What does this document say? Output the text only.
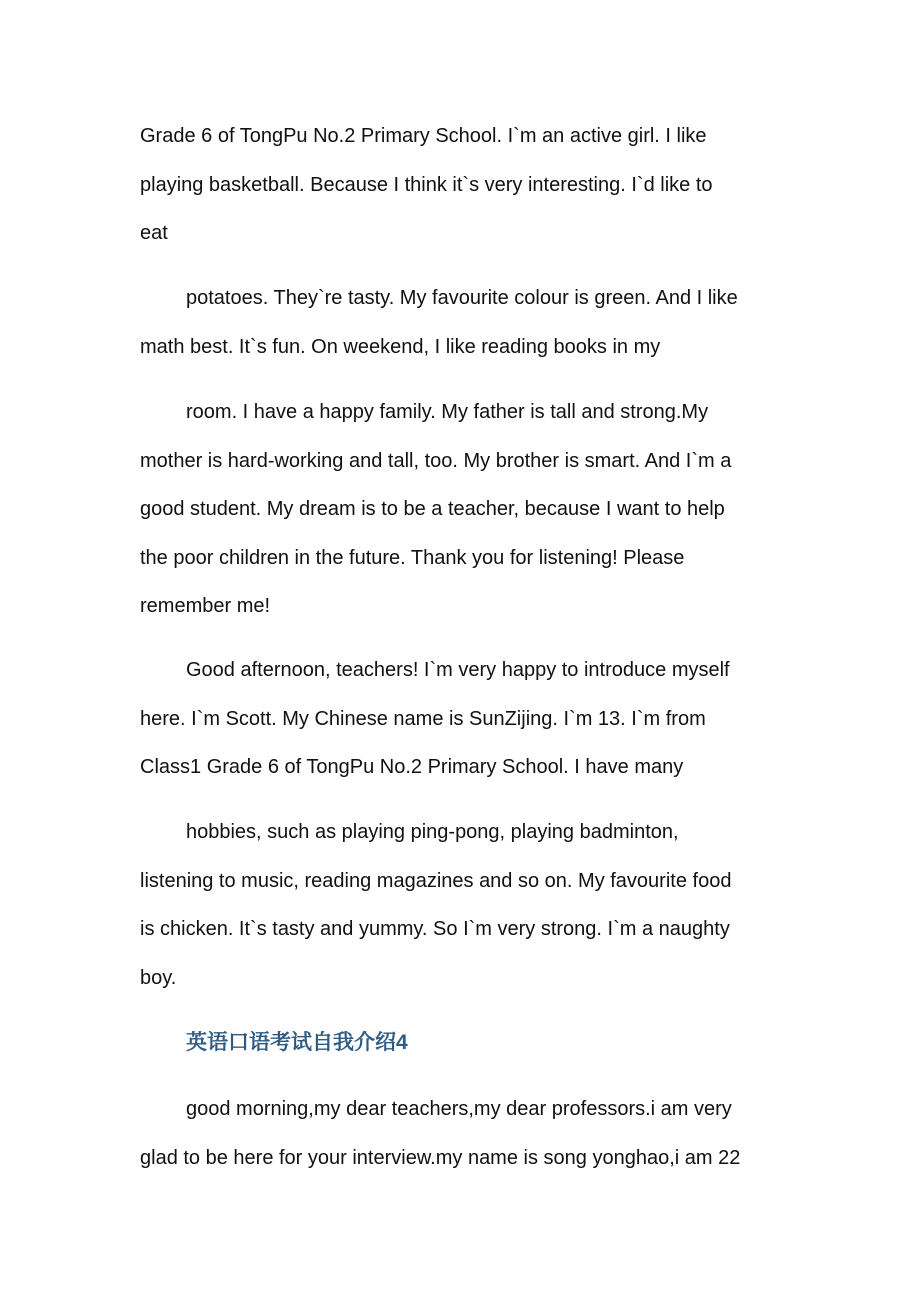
Grade 6 of TongPu No.2 Primary School. I`m an active girl. I like
playing basketball. Because I think it`s very interesting. I`d like to
eat

potatoes. They`re tasty. My favourite colour is green. And I like
math best. It`s fun. On weekend, I like reading books in my

room. I have a happy family. My father is tall and strong.My
mother is hard-working and tall, too. My brother is smart. And I`m a
good student. My dream is to be a teacher, because I want to help
the poor children in the future. Thank you for listening! Please
remember me!

Good afternoon, teachers! I`m very happy to introduce myself
here. I`m Scott. My Chinese name is SunZijing. I`m 13. I`m from
Class1 Grade 6 of TongPu No.2 Primary School. I have many

hobbies, such as playing ping-pong, playing badminton,
listening to music, reading magazines and so on. My favourite food
is chicken. It`s tasty and yummy. So I`m very strong. I`m a naughty
boy.

英语口语考试自我介绍4

good morning,my dear teachers,my dear professors.i am very
glad to be here for your interview.my name is song yonghao,i am 22
